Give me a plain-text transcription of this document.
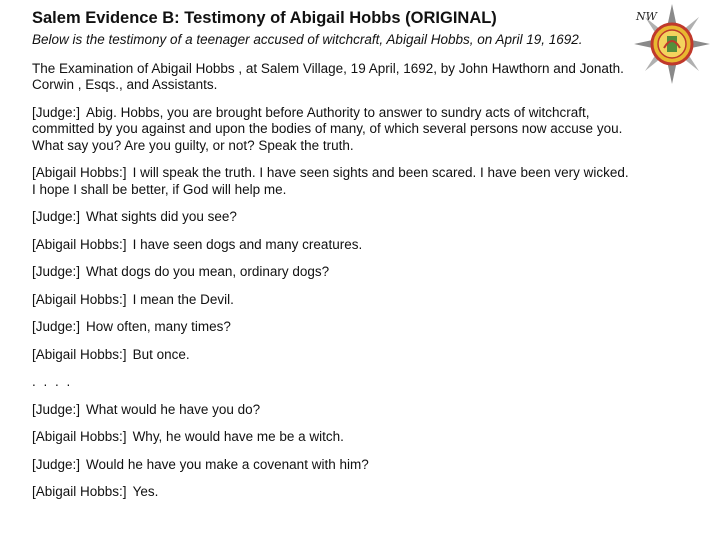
NW
Salem Evidence B: Testimony of Abigail Hobbs (ORIGINAL)
Below is the testimony of a teenager accused of witchcraft, Abigail Hobbs, on April 19, 1692.
The Examination of Abigail Hobbs , at Salem Village, 19 April, 1692, by John Hawthorn and Jonath. Corwin , Esqs., and Assistants.
[Judge:] Abig. Hobbs, you are brought before Authority to answer to sundry acts of witchcraft, committed by you against and upon the bodies of many, of which several persons now accuse you. What say you? Are you guilty, or not? Speak the truth.
[Abigail Hobbs:] I will speak the truth. I have seen sights and been scared. I have been very wicked. I hope I shall be better, if God will help me.
[Judge:] What sights did you see?
[Abigail Hobbs:] I have seen dogs and many creatures.
[Judge:] What dogs do you mean, ordinary dogs?
[Abigail Hobbs:] I mean the Devil.
[Judge:] How often, many times?
[Abigail Hobbs:] But once.
. . . .
[Judge:] What would he have you do?
[Abigail Hobbs:] Why, he would have me be a witch.
[Judge:] Would he have you make a covenant with him?
[Abigail Hobbs:] Yes.
